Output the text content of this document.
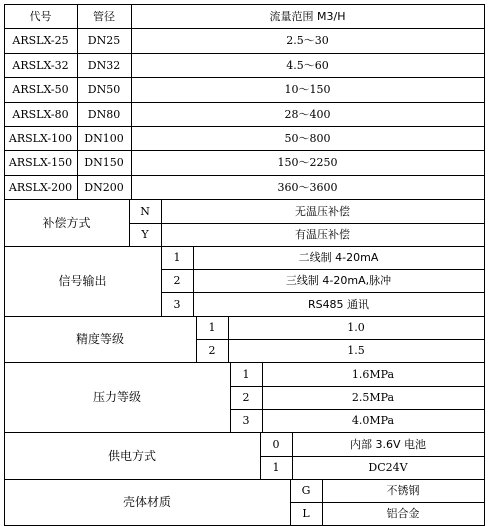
代号	管径	流量范围 M3/H
ARSLX-25	DN25	2.5～30
ARSLX-32	DN32	4.5～60
ARSLX-50	DN50	10～150
ARSLX-80	DN80	28～400
ARSLX-100	DN100	50～800
ARSLX-150	DN150	150～2250
ARSLX-200	DN200	360～3600
补偿方式
N	无温压补偿
Y	有温压补偿
信号输出
1	二线制 4-20mA
2	三线制 4-20mA,脉冲
3	RS485 通讯
精度等级
1	1.0
2	1.5
压力等级
1	1.6MPa
2	2.5MPa
3	4.0MPa
供电方式
0	内部 3.6V 电池
1	DC24V
壳体材质
G	不锈钢
L	铝合金
